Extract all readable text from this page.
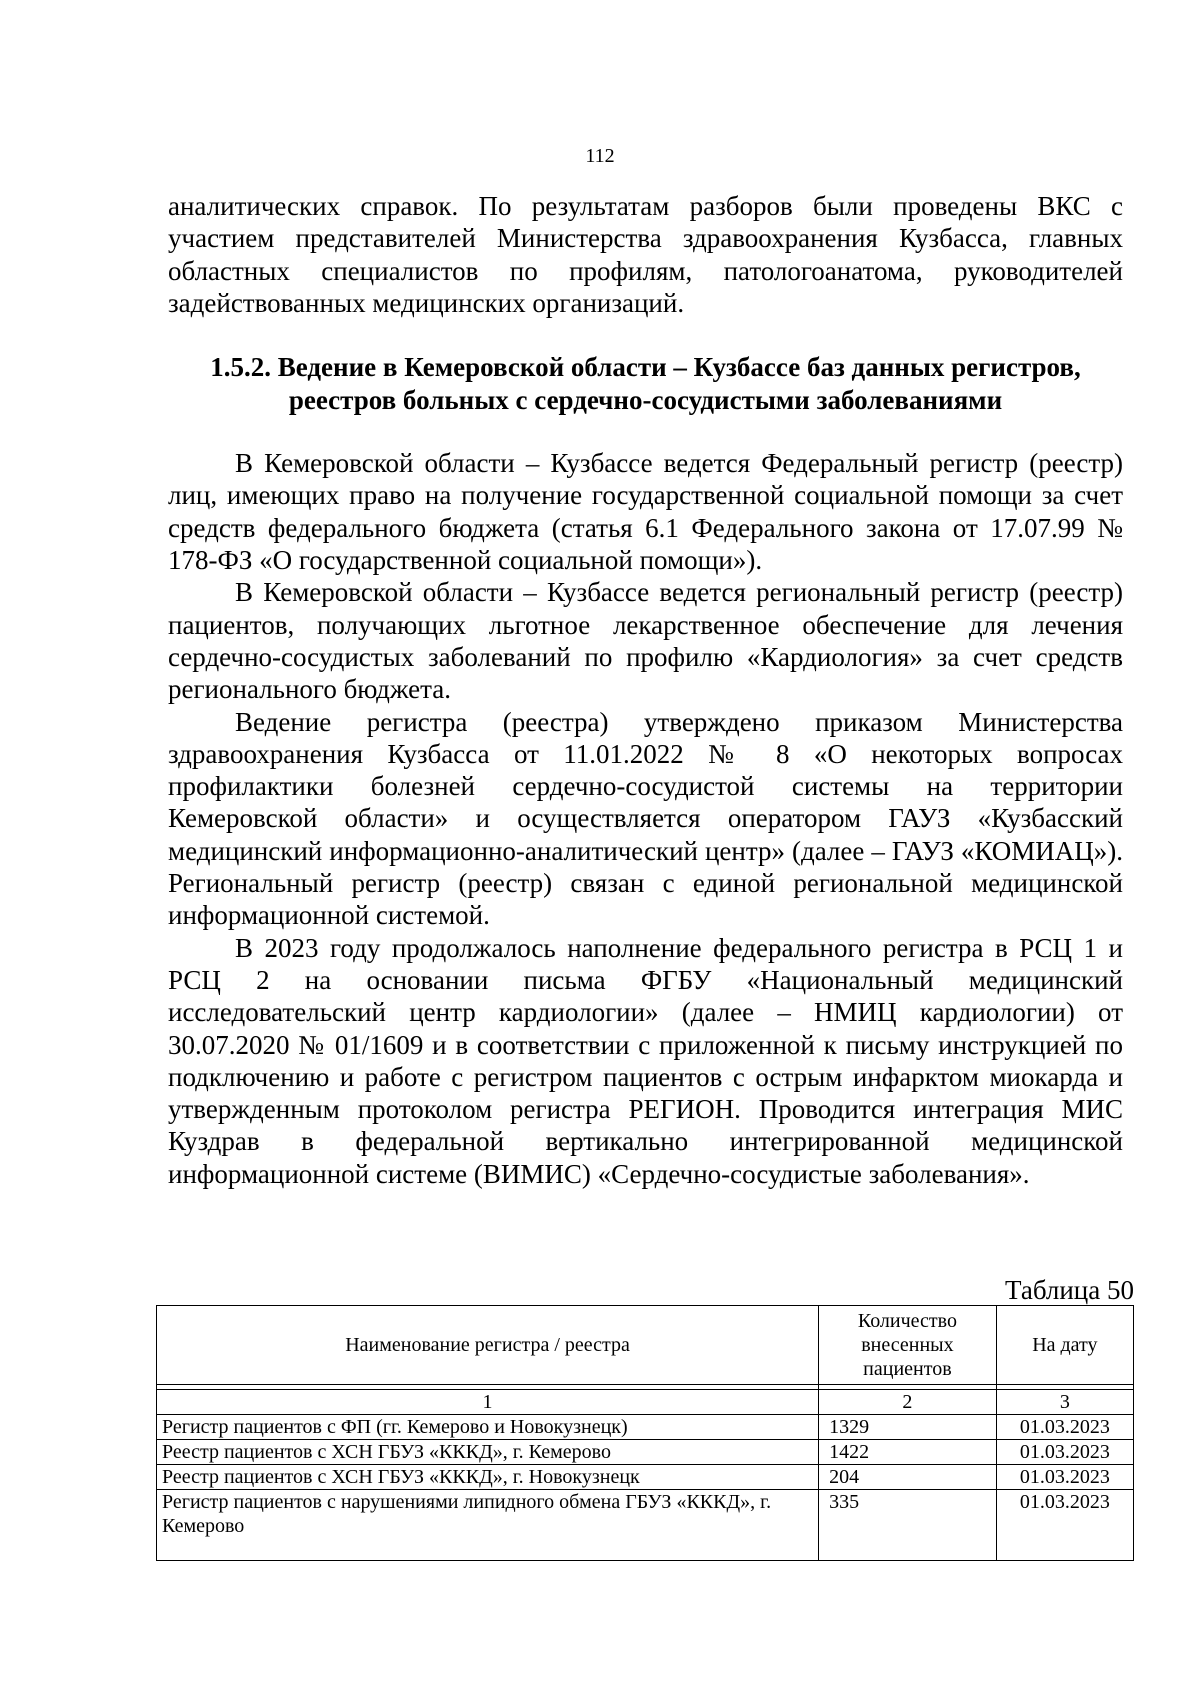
112

аналитических справок. По результатам разборов были проведены ВКС с участием представителей Министерства здравоохранения Кузбасса, главных областных специалистов по профилям, патологоанатома, руководителей задействованных медицинских организаций.

1.5.2. Ведение в Кемеровской области – Кузбассе баз данных регистров,
реестров больных с сердечно-сосудистыми заболеваниями

В Кемеровской области – Кузбассе ведется Федеральный регистр (реестр) лиц, имеющих право на получение государственной социальной помощи за счет средств федерального бюджета (статья 6.1 Федерального закона от 17.07.99 № 178-ФЗ «О государственной социальной помощи»).

В Кемеровской области – Кузбассе ведется региональный регистр (реестр) пациентов, получающих льготное лекарственное обеспечение для лечения сердечно-сосудистых заболеваний по профилю «Кардиология» за счет средств регионального бюджета.

Ведение регистра (реестра) утверждено приказом Министерства здравоохранения Кузбасса от 11.01.2022 № 8 «О некоторых вопросах профилактики болезней сердечно-сосудистой системы на территории Кемеровской области» и осуществляется оператором ГАУЗ «Кузбасский медицинский информационно-аналитический центр» (далее – ГАУЗ «КОМИАЦ»). Региональный регистр (реестр) связан с единой региональной медицинской информационной системой.

В 2023 году продолжалось наполнение федерального регистра в РСЦ 1 и РСЦ 2 на основании письма ФГБУ «Национальный медицинский исследовательский центр кардиологии» (далее – НМИЦ кардиологии) от 30.07.2020 № 01/1609 и в соответствии с приложенной к письму инструкцией по подключению и работе с регистром пациентов с острым инфарктом миокарда и утвержденным протоколом регистра РЕГИОН. Проводится интеграция МИС Куздрав в федеральной вертикально интегрированной медицинской информационной системе (ВИМИС) «Сердечно-сосудистые заболевания».

Таблица 50
Наименование регистра / реестра	Количество внесенных пациентов	На дату

1	2	3
Регистр пациентов с ФП (гг. Кемерово и Новокузнецк)	1329	01.03.2023
Реестр пациентов с ХСН ГБУЗ «КККД», г. Кемерово	1422	01.03.2023
Реестр пациентов с ХСН ГБУЗ «КККД», г. Новокузнецк	204	01.03.2023
Регистр пациентов с нарушениями липидного обмена ГБУЗ «КККД», г. Кемерово	335	01.03.2023
